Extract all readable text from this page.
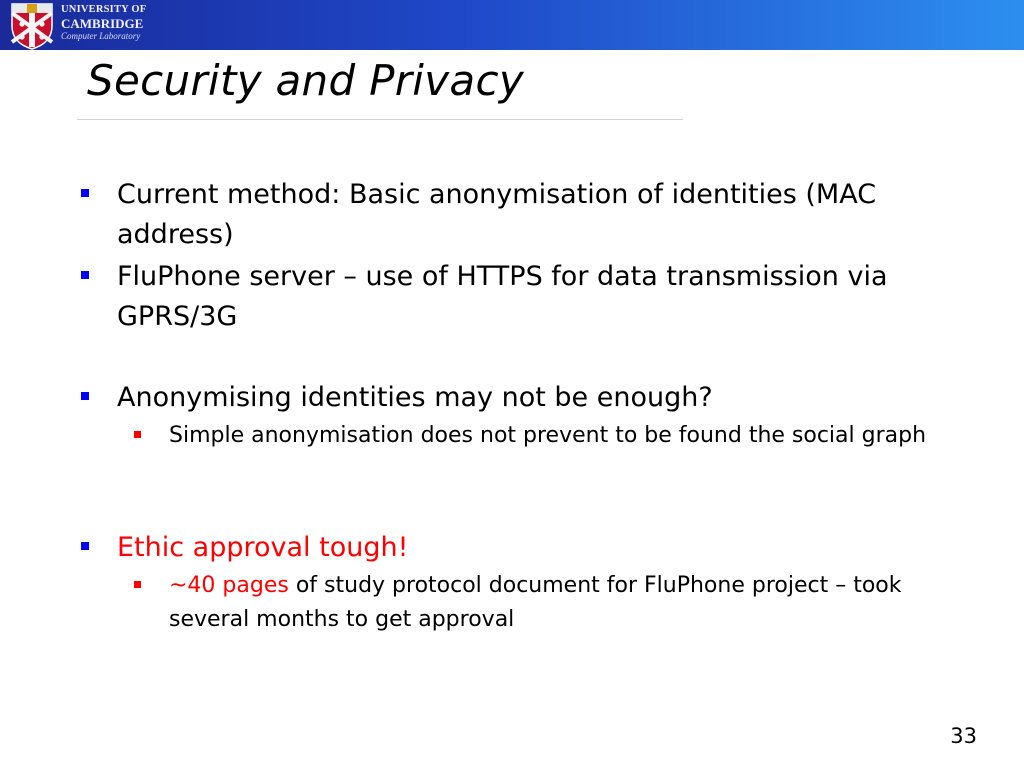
UNIVERSITY OF
CAMBRIDGE
Computer Laboratory
Security and Privacy
Current method: Basic anonymisation of identities (MAC address)
FluPhone server – use of HTTPS for data transmission via GPRS/3G
Anonymising identities may not be enough?
Simple anonymisation does not prevent to be found the social graph
Ethic approval tough!
~40 pages of study protocol document for FluPhone project – took several months to get approval
33
